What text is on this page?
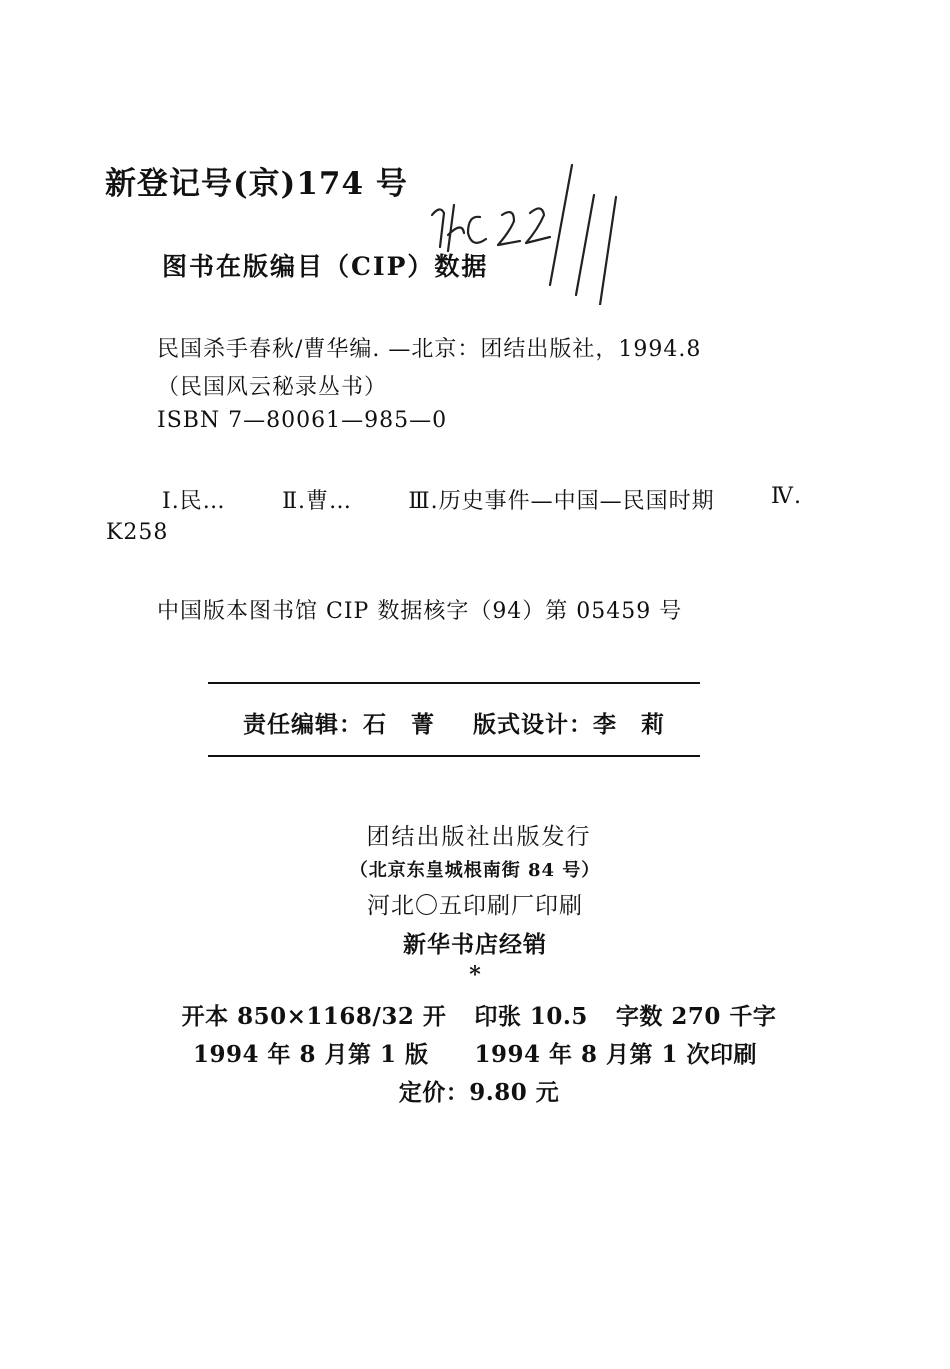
新登记号(京)174 号
图书在版编目（CIP）数据
民国杀手春秋/曹华编. —北京：团结出版社，1994.8
（民国风云秘录丛书）
ISBN 7—80061—985—0
Ⅰ.民…	Ⅱ.曹…	Ⅲ.历史事件—中国—民国时期	Ⅳ.
K258
中国版本图书馆 CIP 数据核字（94）第 05459 号
责任编辑：石　菁 版式设计：李　莉
团结出版社出版发行
（北京东皇城根南街 84 号）
河北〇五印刷厂印刷
新华书店经销
*
开本 850×1168/32 开 印张 10.5 字数 270 千字
1994 年 8 月第 1 版 1994 年 8 月第 1 次印刷
定价：9.80 元
